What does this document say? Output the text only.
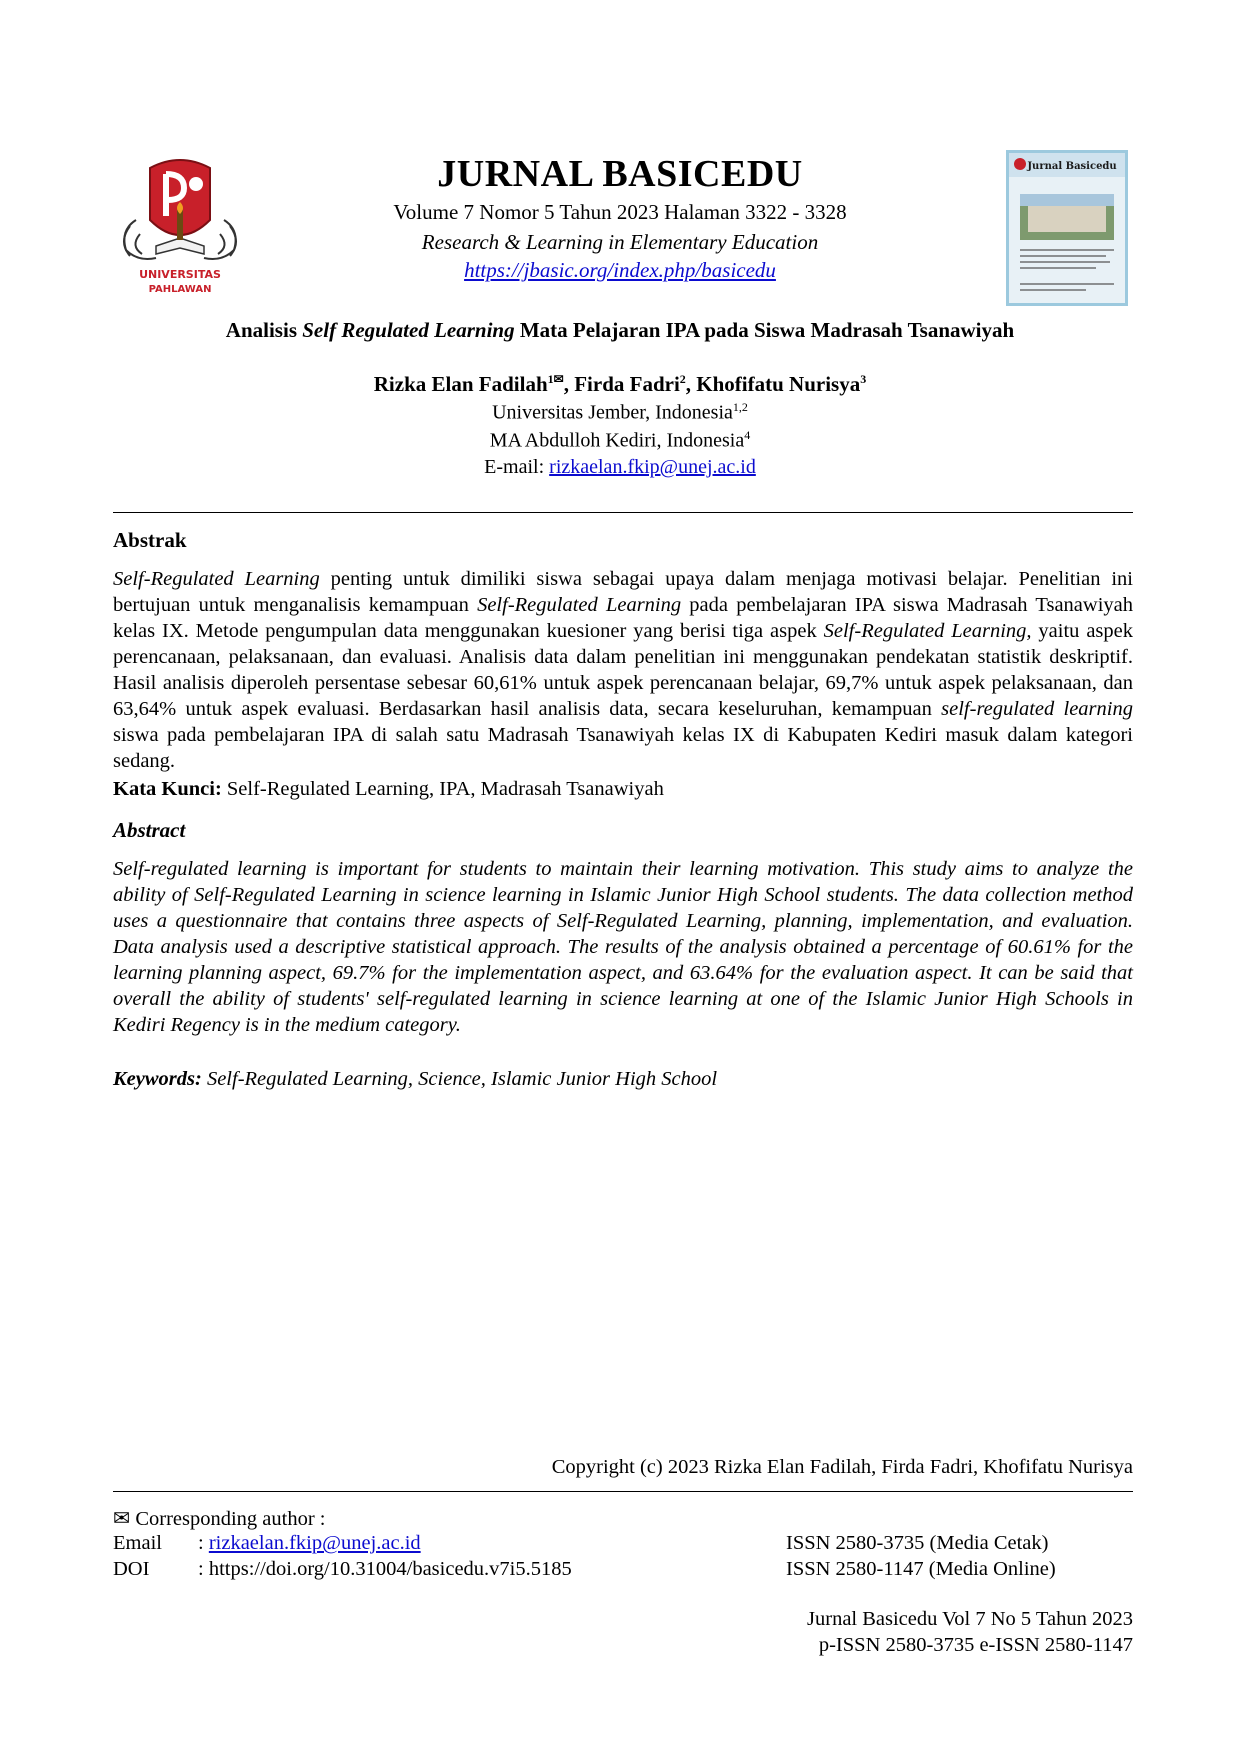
UNIVERSITAS
PAHLAWAN
JURNAL BASICEDU
Volume 7 Nomor 5 Tahun 2023 Halaman 3322 - 3328
Research & Learning in Elementary Education
https://jbasic.org/index.php/basicedu
Jurnal Basicedu
Analisis Self Regulated Learning Mata Pelajaran IPA pada Siswa Madrasah Tsanawiyah
Rizka Elan Fadilah$^{1✉}$, Firda Fadri$^2$, Khofifatu Nurisya$^3$
Universitas Jember, Indonesia$^{1,2}$
MA Abdulloh Kediri, Indonesia$^4$
E-mail: rizkaelan.fkip@unej.ac.id
Abstrak
Self-Regulated Learning penting untuk dimiliki siswa sebagai upaya dalam menjaga motivasi belajar. Penelitian ini bertujuan untuk menganalisis kemampuan Self-Regulated Learning pada pembelajaran IPA siswa Madrasah Tsanawiyah kelas IX. Metode pengumpulan data menggunakan kuesioner yang berisi tiga aspek Self-Regulated Learning, yaitu aspek perencanaan, pelaksanaan, dan evaluasi. Analisis data dalam penelitian ini menggunakan pendekatan statistik deskriptif. Hasil analisis diperoleh persentase sebesar 60,61% untuk aspek perencanaan belajar, 69,7% untuk aspek pelaksanaan, dan 63,64% untuk aspek evaluasi. Berdasarkan hasil analisis data, secara keseluruhan, kemampuan self-regulated learning siswa pada pembelajaran IPA di salah satu Madrasah Tsanawiyah kelas IX di Kabupaten Kediri masuk dalam kategori sedang.
Kata Kunci: Self-Regulated Learning, IPA, Madrasah Tsanawiyah
Abstract
Self-regulated learning is important for students to maintain their learning motivation. This study aims to analyze the ability of Self-Regulated Learning in science learning in Islamic Junior High School students. The data collection method uses a questionnaire that contains three aspects of Self-Regulated Learning, planning, implementation, and evaluation. Data analysis used a descriptive statistical approach. The results of the analysis obtained a percentage of 60.61% for the learning planning aspect, 69.7% for the implementation aspect, and 63.64% for the evaluation aspect. It can be said that overall the ability of students' self-regulated learning in science learning at one of the Islamic Junior High Schools in Kediri Regency is in the medium category.
Keywords: Self-Regulated Learning, Science, Islamic Junior High School
Copyright (c) 2023 Rizka Elan Fadilah, Firda Fadri, Khofifatu Nurisya
✉ Corresponding author :
Email : rizkaelan.fkip@unej.ac.id
DOI : https://doi.org/10.31004/basicedu.v7i5.5185
ISSN 2580-3735 (Media Cetak)
ISSN 2580-1147 (Media Online)
Jurnal Basicedu Vol 7 No 5 Tahun 2023
p-ISSN 2580-3735 e-ISSN 2580-1147
